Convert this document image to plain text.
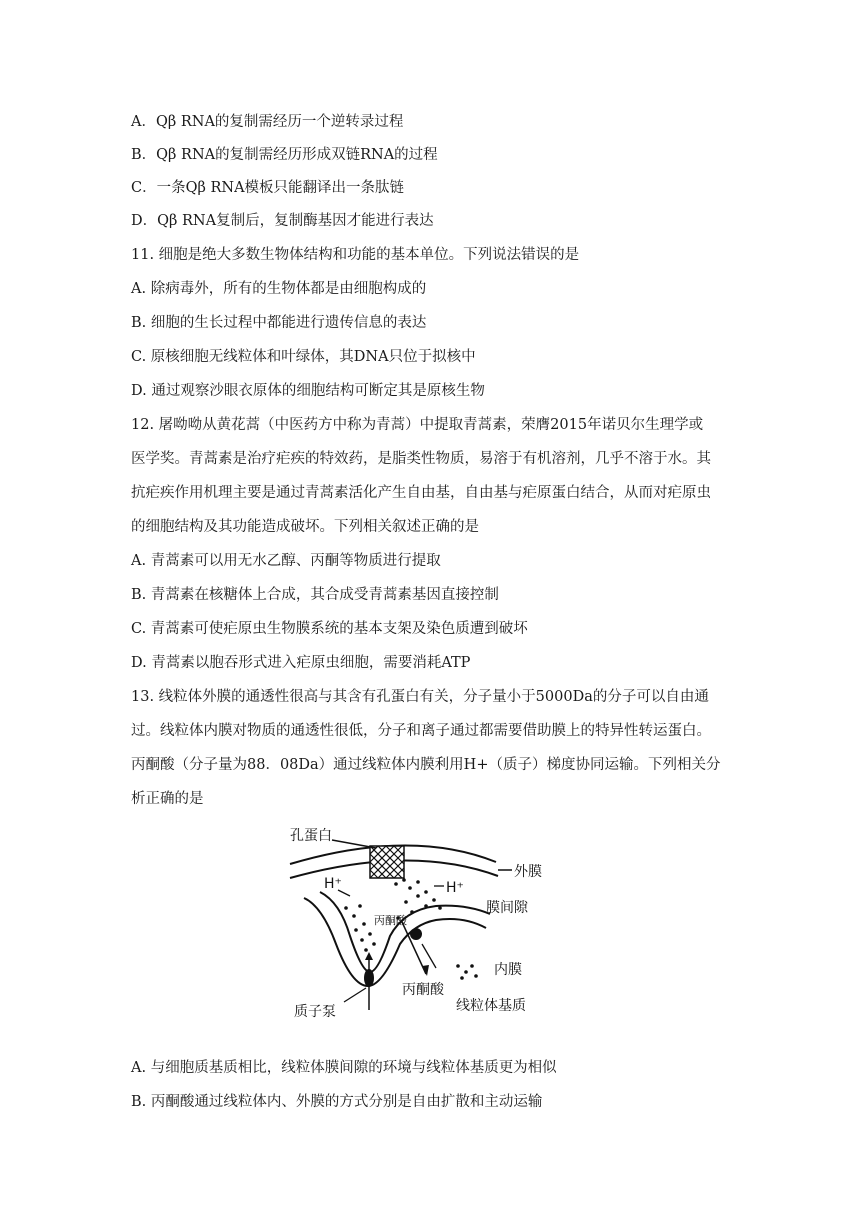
A．Qβ RNA的复制需经历一个逆转录过程
B．Qβ RNA的复制需经历形成双链RNA的过程
C．一条Qβ RNA模板只能翻译出一条肽链
D．Qβ RNA复制后，复制酶基因才能进行表达
11. 细胞是绝大多数生物体结构和功能的基本单位。下列说法错误的是
A. 除病毒外，所有的生物体都是由细胞构成的
B. 细胞的生长过程中都能进行遗传信息的表达
C. 原核细胞无线粒体和叶绿体，其DNA只位于拟核中
D. 通过观察沙眼衣原体的细胞结构可断定其是原核生物
12. 屠呦呦从黄花蒿（中医药方中称为青蒿）中提取青蒿素，荣膺2015年诺贝尔生理学或
医学奖。青蒿素是治疗疟疾的特效药，是脂类性物质，易溶于有机溶剂，几乎不溶于水。其
抗疟疾作用机理主要是通过青蒿素活化产生自由基，自由基与疟原蛋白结合，从而对疟原虫
的细胞结构及其功能造成破坏。下列相关叙述正确的是
A. 青蒿素可以用无水乙醇、丙酮等物质进行提取
B. 青蒿素在核糖体上合成，其合成受青蒿素基因直接控制
C. 青蒿素可使疟原虫生物膜系统的基本支架及染色质遭到破坏
D. 青蒿素以胞吞形式进入疟原虫细胞，需要消耗ATP
13. 线粒体外膜的通透性很高与其含有孔蛋白有关，分子量小于5000Da的分子可以自由通
过。线粒体内膜对物质的通透性很低，分子和离子通过都需要借助膜上的特异性转运蛋白。
丙酮酸（分子量为88．08Da）通过线粒体内膜利用H+（质子）梯度协同运输。下列相关分
析正确的是
孔蛋白
外膜
膜间隙
内膜
质子泵
丙酮酸
线粒体基质
丙酮酸
H⁺	H⁺
A. 与细胞质基质相比，线粒体膜间隙的环境与线粒体基质更为相似
B. 丙酮酸通过线粒体内、外膜的方式分别是自由扩散和主动运输
